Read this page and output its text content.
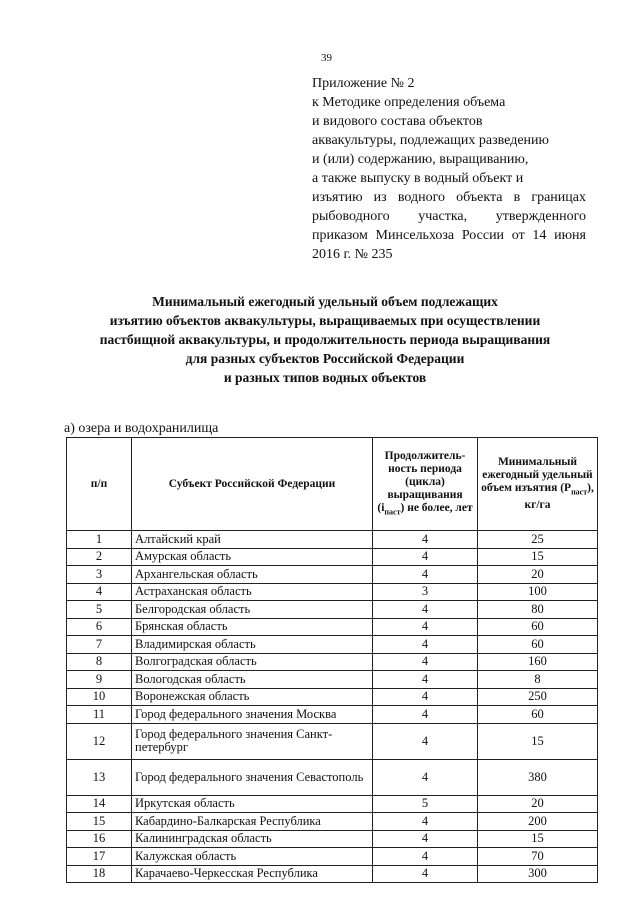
39
Приложение № 2
к Методике определения объема
и видового состава объектов
аквакультуры, подлежащих разведению
и (или) содержанию, выращиванию,
а также выпуску в водный объект и
изъятию из водного объекта в границах
рыбоводного участка, утвержденного
приказом Минсельхоза России от 14 июня
2016 г. № 235
Минимальный ежегодный удельный объем подлежащих
изъятию объектов аквакультуры, выращиваемых при осуществлении
пастбищной аквакультуры, и продолжительность периода выращивания
для разных субъектов Российской Федерации
и разных типов водных объектов
а) озера и водохранилища
п/п	Субъект Российской Федерации	Продолжитель- ность периода (цикла) выращивания $(i_{паст})$ не более, лет	Минимальный ежегодный удельный объем изъятия $(P_{паст})$, кг/га
1	Алтайский край	4	25
2	Амурская область	4	15
3	Архангельская область	4	20
4	Астраханская область	3	100
5	Белгородская область	4	80
6	Брянская область	4	60
7	Владимирская область	4	60
8	Волгоградская область	4	160
9	Вологодская область	4	8
10	Воронежская область	4	250
11	Город федерального значения Москва	4	60
12	Город федерального значения Санкт-петербург	4	15
13	Город федерального значения Севастополь	4	380
14	Иркутская область	5	20
15	Кабардино-Балкарская Республика	4	200
16	Калининградская область	4	15
17	Калужская область	4	70
18	Карачаево-Черкесская Республика	4	300
